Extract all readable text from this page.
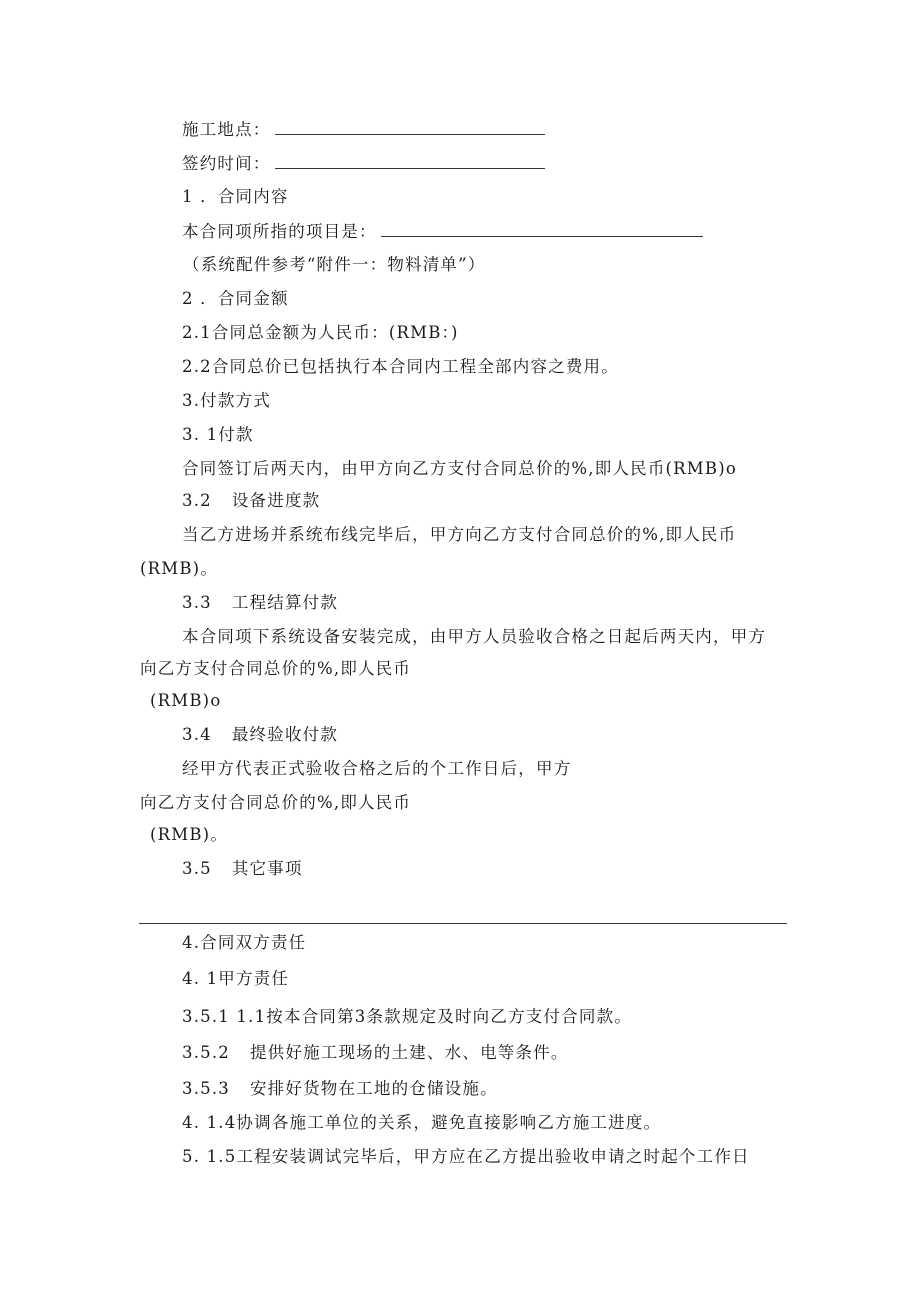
施工地点：
签约时间：
1 ．合同内容
本合同项所指的项目是：
（系统配件参考“附件一：物料清单”）
2 ．合同金额
2.1合同总金额为人民币：(RMB：)
2.2合同总价已包括执行本合同内工程全部内容之费用。
3.付款方式
3. 1付款
合同签订后两天内，由甲方向乙方支付合同总价的%,即人民币(RMB)o
3.2 设备进度款
当乙方进场并系统布线完毕后，甲方向乙方支付合同总价的%,即人民币
(RMB)。
3.3 工程结算付款
本合同项下系统设备安装完成，由甲方人员验收合格之日起后两天内，甲方
向乙方支付合同总价的%,即人民币
(RMB)o
3.4 最终验收付款
经甲方代表正式验收合格之后的个工作日后，甲方
向乙方支付合同总价的%,即人民币
(RMB)。
3.5 其它事项
4.合同双方责任
4. 1甲方责任
3.5.1 1.1按本合同第3条款规定及时向乙方支付合同款。
3.5.2 提供好施工现场的土建、水、电等条件。
3.5.3 安排好货物在工地的仓储设施。
4. 1.4协调各施工单位的关系，避免直接影响乙方施工进度。
5. 1.5工程安装调试完毕后，甲方应在乙方提出验收申请之时起个工作日
